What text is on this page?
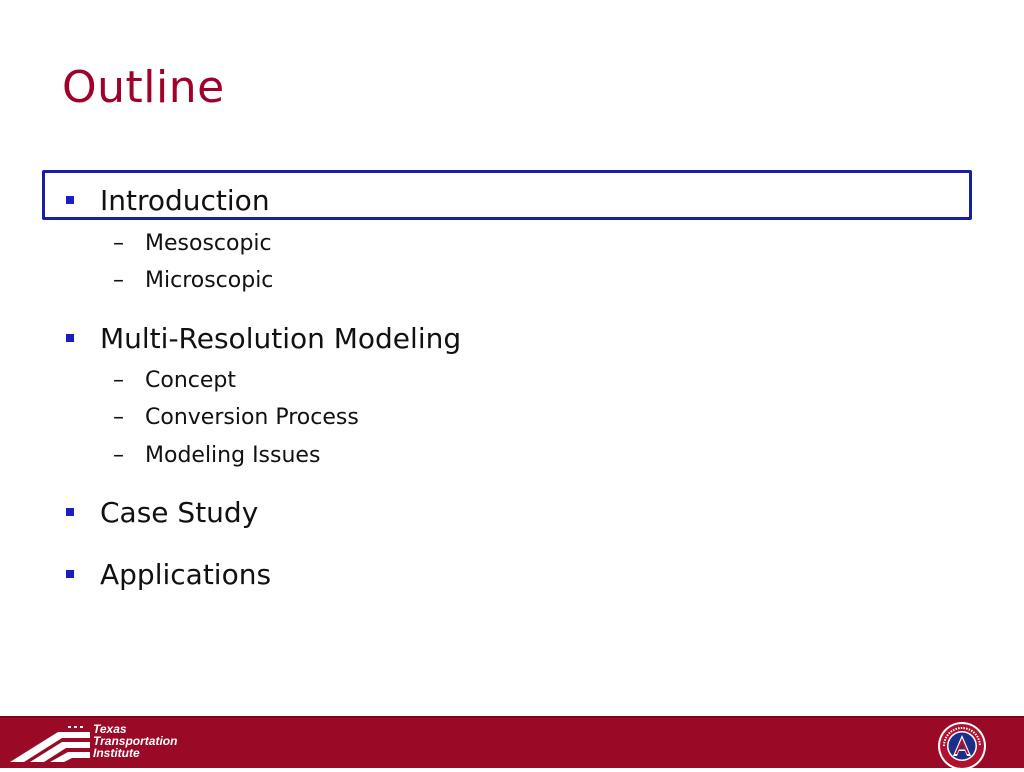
Outline
Introduction
– Mesoscopic
– Microscopic
Multi-Resolution Modeling
– Concept
– Conversion Process
– Modeling Issues
Case Study
Applications
Texas
Transportation
Institute
